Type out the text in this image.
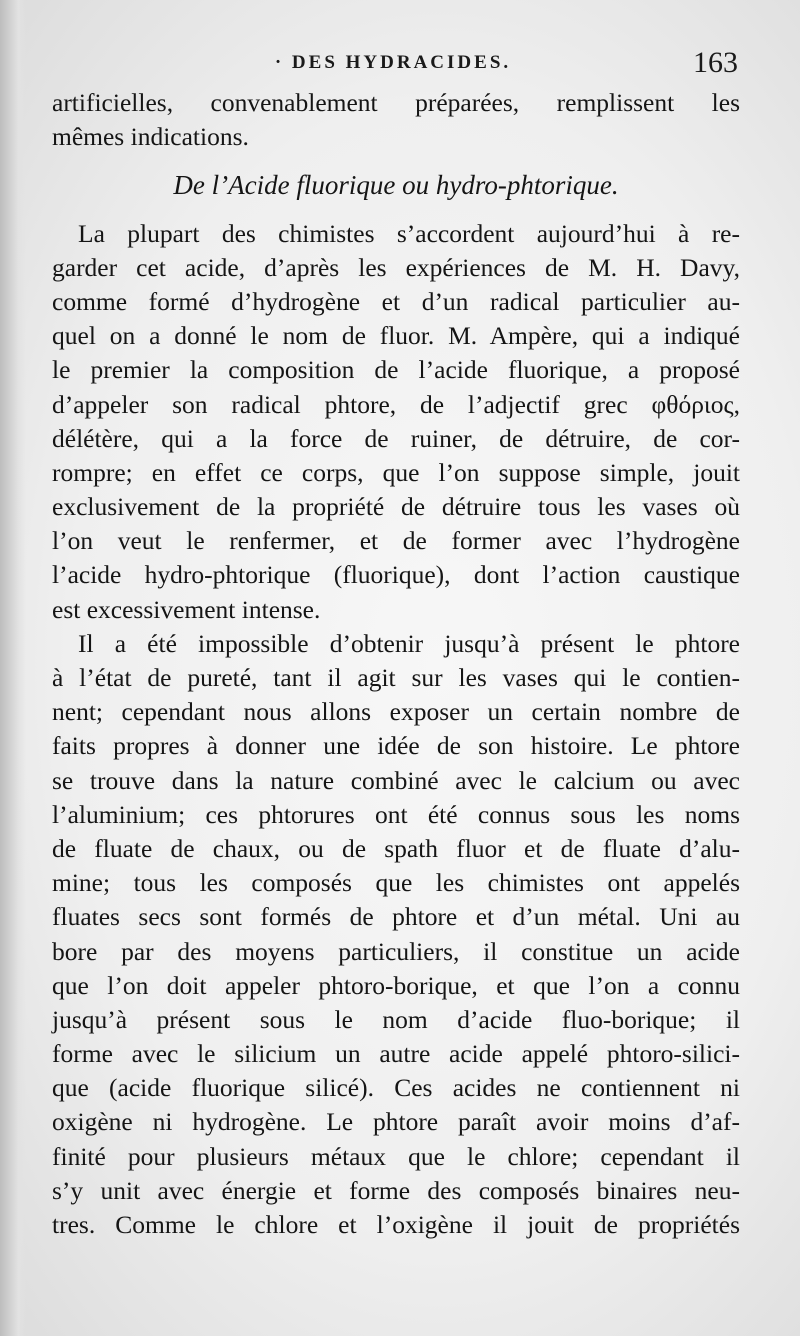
· DES HYDRACIDES.	163
artificielles, convenablement préparées, remplissent les
mêmes indications.
De l’Acide fluorique ou hydro-phtorique.
La plupart des chimistes s’accordent aujourd’hui à re-
garder cet acide, d’après les expériences de M. H. Davy,
comme formé d’hydrogène et d’un radical particulier au-
quel on a donné le nom de fluor. M. Ampère, qui a indiqué
le premier la composition de l’acide fluorique, a proposé
d’appeler son radical phtore, de l’adjectif grec φθόριος,
délétère, qui a la force de ruiner, de détruire, de cor-
rompre; en effet ce corps, que l’on suppose simple, jouit
exclusivement de la propriété de détruire tous les vases où
l’on veut le renfermer, et de former avec l’hydrogène
l’acide hydro-phtorique (fluorique), dont l’action caustique
est excessivement intense.
Il a été impossible d’obtenir jusqu’à présent le phtore
à l’état de pureté, tant il agit sur les vases qui le contien-
nent; cependant nous allons exposer un certain nombre de
faits propres à donner une idée de son histoire. Le phtore
se trouve dans la nature combiné avec le calcium ou avec
l’aluminium; ces phtorures ont été connus sous les noms
de fluate de chaux, ou de spath fluor et de fluate d’alu-
mine; tous les composés que les chimistes ont appelés
fluates secs sont formés de phtore et d’un métal. Uni au
bore par des moyens particuliers, il constitue un acide
que l’on doit appeler phtoro-borique, et que l’on a connu
jusqu’à présent sous le nom d’acide fluo-borique; il
forme avec le silicium un autre acide appelé phtoro-silici-
que (acide fluorique silicé). Ces acides ne contiennent ni
oxigène ni hydrogène. Le phtore paraît avoir moins d’af-
finité pour plusieurs métaux que le chlore; cependant il
s’y unit avec énergie et forme des composés binaires neu-
tres. Comme le chlore et l’oxigène il jouit de propriétés
